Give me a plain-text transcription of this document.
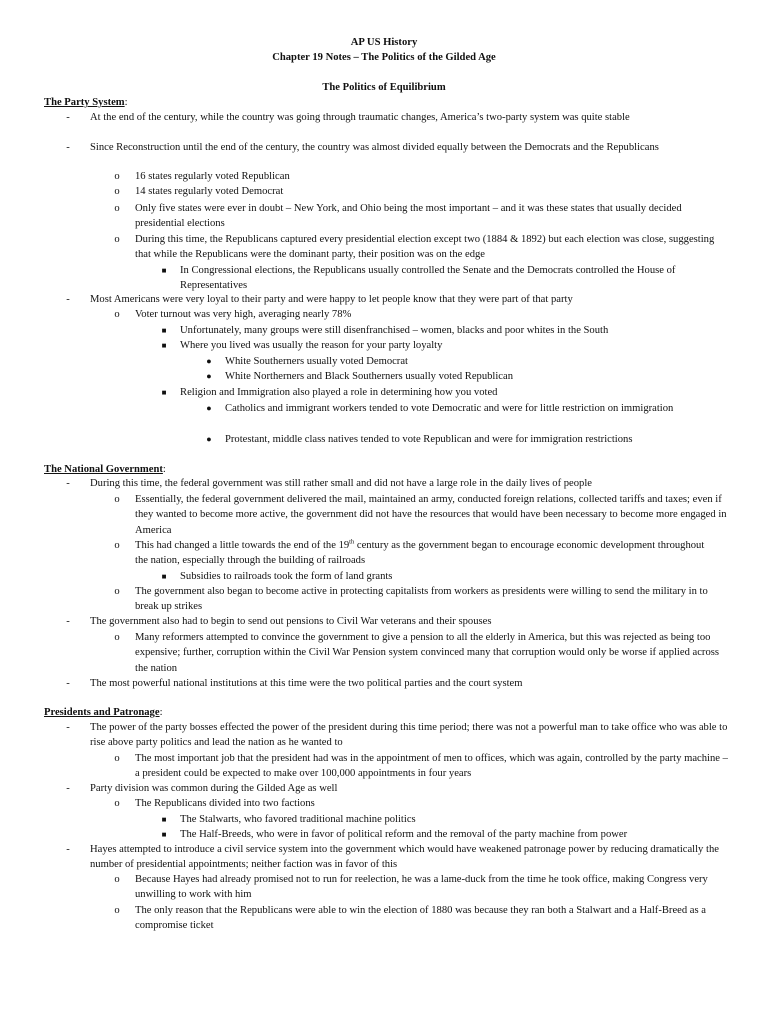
AP US History
Chapter 19 Notes – The Politics of the Gilded Age
The Politics of Equilibrium
The Party System:
-	At the end of the century, while the country was going through traumatic changes, America’s two-party system was quite stable
-	Since Reconstruction until the end of the century, the country was almost divided equally between the Democrats and the Republicans
o	16 states regularly voted Republican
o	14 states regularly voted Democrat
o	Only five states were ever in doubt – New York, and Ohio being the most important – and it was these states that usually decided presidential elections
o	During this time, the Republicans captured every presidential election except two (1884 & 1892) but each election was close, suggesting that while the Republicans were the dominant party, their position was on the edge
■	In Congressional elections, the Republicans usually controlled the Senate and the Democrats controlled the House of Representatives
-	Most Americans were very loyal to their party and were happy to let people know that they were part of that party
o	Voter turnout was very high, averaging nearly 78%
■	Unfortunately, many groups were still disenfranchised – women, blacks and poor whites in the South
■	Where you lived was usually the reason for your party loyalty
●	White Southerners usually voted Democrat
●	White Northerners and Black Southerners usually voted Republican
■	Religion and Immigration also played a role in determining how you voted
●	Catholics and immigrant workers tended to vote Democratic and were for little restriction on immigration
●	Protestant, middle class natives tended to vote Republican and were for immigration restrictions
The National Government:
-	During this time, the federal government was still rather small and did not have a large role in the daily lives of people
o	Essentially, the federal government delivered the mail, maintained an army, conducted foreign relations, collected tariffs and taxes; even if they wanted to become more active, the government did not have the resources that would have been necessary to become more engaged in America
o	This had changed a little towards the end of the 19th century as the government began to encourage economic development throughout the nation, especially through the building of railroads
■	Subsidies to railroads took the form of land grants
o	The government also began to become active in protecting capitalists from workers as presidents were willing to send the military in to break up strikes
-	The government also had to begin to send out pensions to Civil War veterans and their spouses
o	Many reformers attempted to convince the government to give a pension to all the elderly in America, but this was rejected as being too expensive; further, corruption within the Civil War Pension system convinced many that corruption would only be worse if applied across the nation
-	The most powerful national institutions at this time were the two political parties and the court system
Presidents and Patronage:
-	The power of the party bosses effected the power of the president during this time period; there was not a powerful man to take office who was able to rise above party politics and lead the nation as he wanted to
o	The most important job that the president had was in the appointment of men to offices, which was again, controlled by the party machine – a president could be expected to make over 100,000 appointments in four years
-	Party division was common during the Gilded Age as well
o	The Republicans divided into two factions
■	The Stalwarts, who favored traditional machine politics
■	The Half-Breeds, who were in favor of political reform and the removal of the party machine from power
-	Hayes attempted to introduce a civil service system into the government which would have weakened patronage power by reducing dramatically the number of presidential appointments; neither faction was in favor of this
o	Because Hayes had already promised not to run for reelection, he was a lame-duck from the time he took office, making Congress very unwilling to work with him
o	The only reason that the Republicans were able to win the election of 1880 was because they ran both a Stalwart and a Half-Breed as a compromise ticket
